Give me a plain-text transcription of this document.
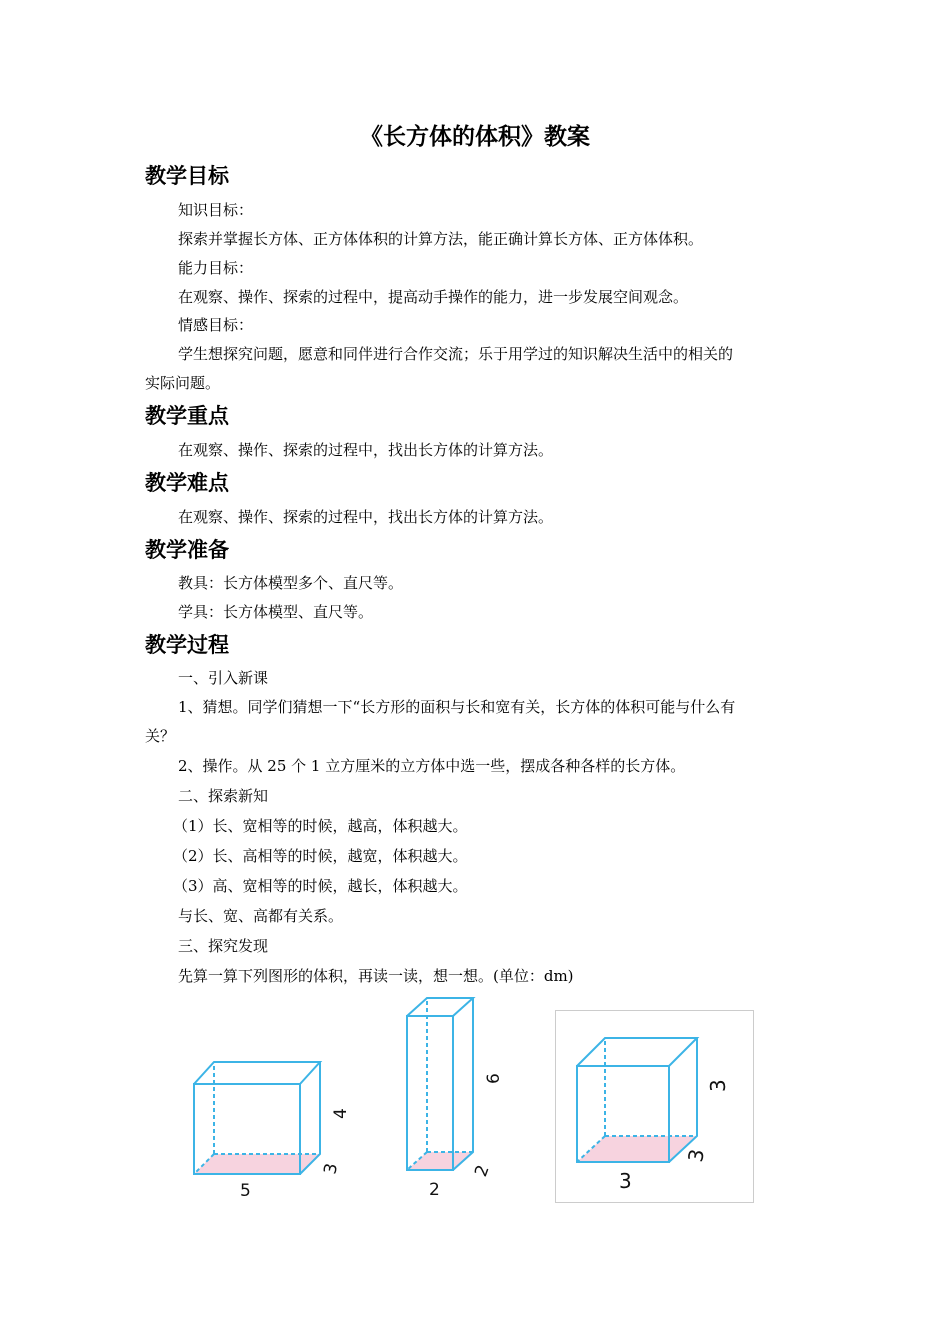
《长方体的体积》教案
教学目标
知识目标：
探索并掌握长方体、正方体体积的计算方法，能正确计算长方体、正方体体积。
能力目标：
在观察、操作、探索的过程中，提高动手操作的能力，进一步发展空间观念。
情感目标：
学生想探究问题，愿意和同伴进行合作交流；乐于用学过的知识解决生活中的相关的
实际问题。
教学重点
在观察、操作、探索的过程中，找出长方体的计算方法。
教学难点
在观察、操作、探索的过程中，找出长方体的计算方法。
教学准备
教具：长方体模型多个、直尺等。
学具：长方体模型、直尺等。
教学过程
一、引入新课
1、猜想。同学们猜想一下“长方形的面积与长和宽有关，长方体的体积可能与什么有
关？
2、操作。从 25 个 1 立方厘米的立方体中选一些，摆成各种各样的长方体。
二、探索新知
（1）长、宽相等的时候，越高，体积越大。
（2）长、高相等的时候，越宽，体积越大。
（3）高、宽相等的时候，越长，体积越大。
与长、宽、高都有关系。
三、探究发现
先算一算下列图形的体积，再读一读，想一想。(单位：dm)
5
3
4
2
2
6
3
3
3
